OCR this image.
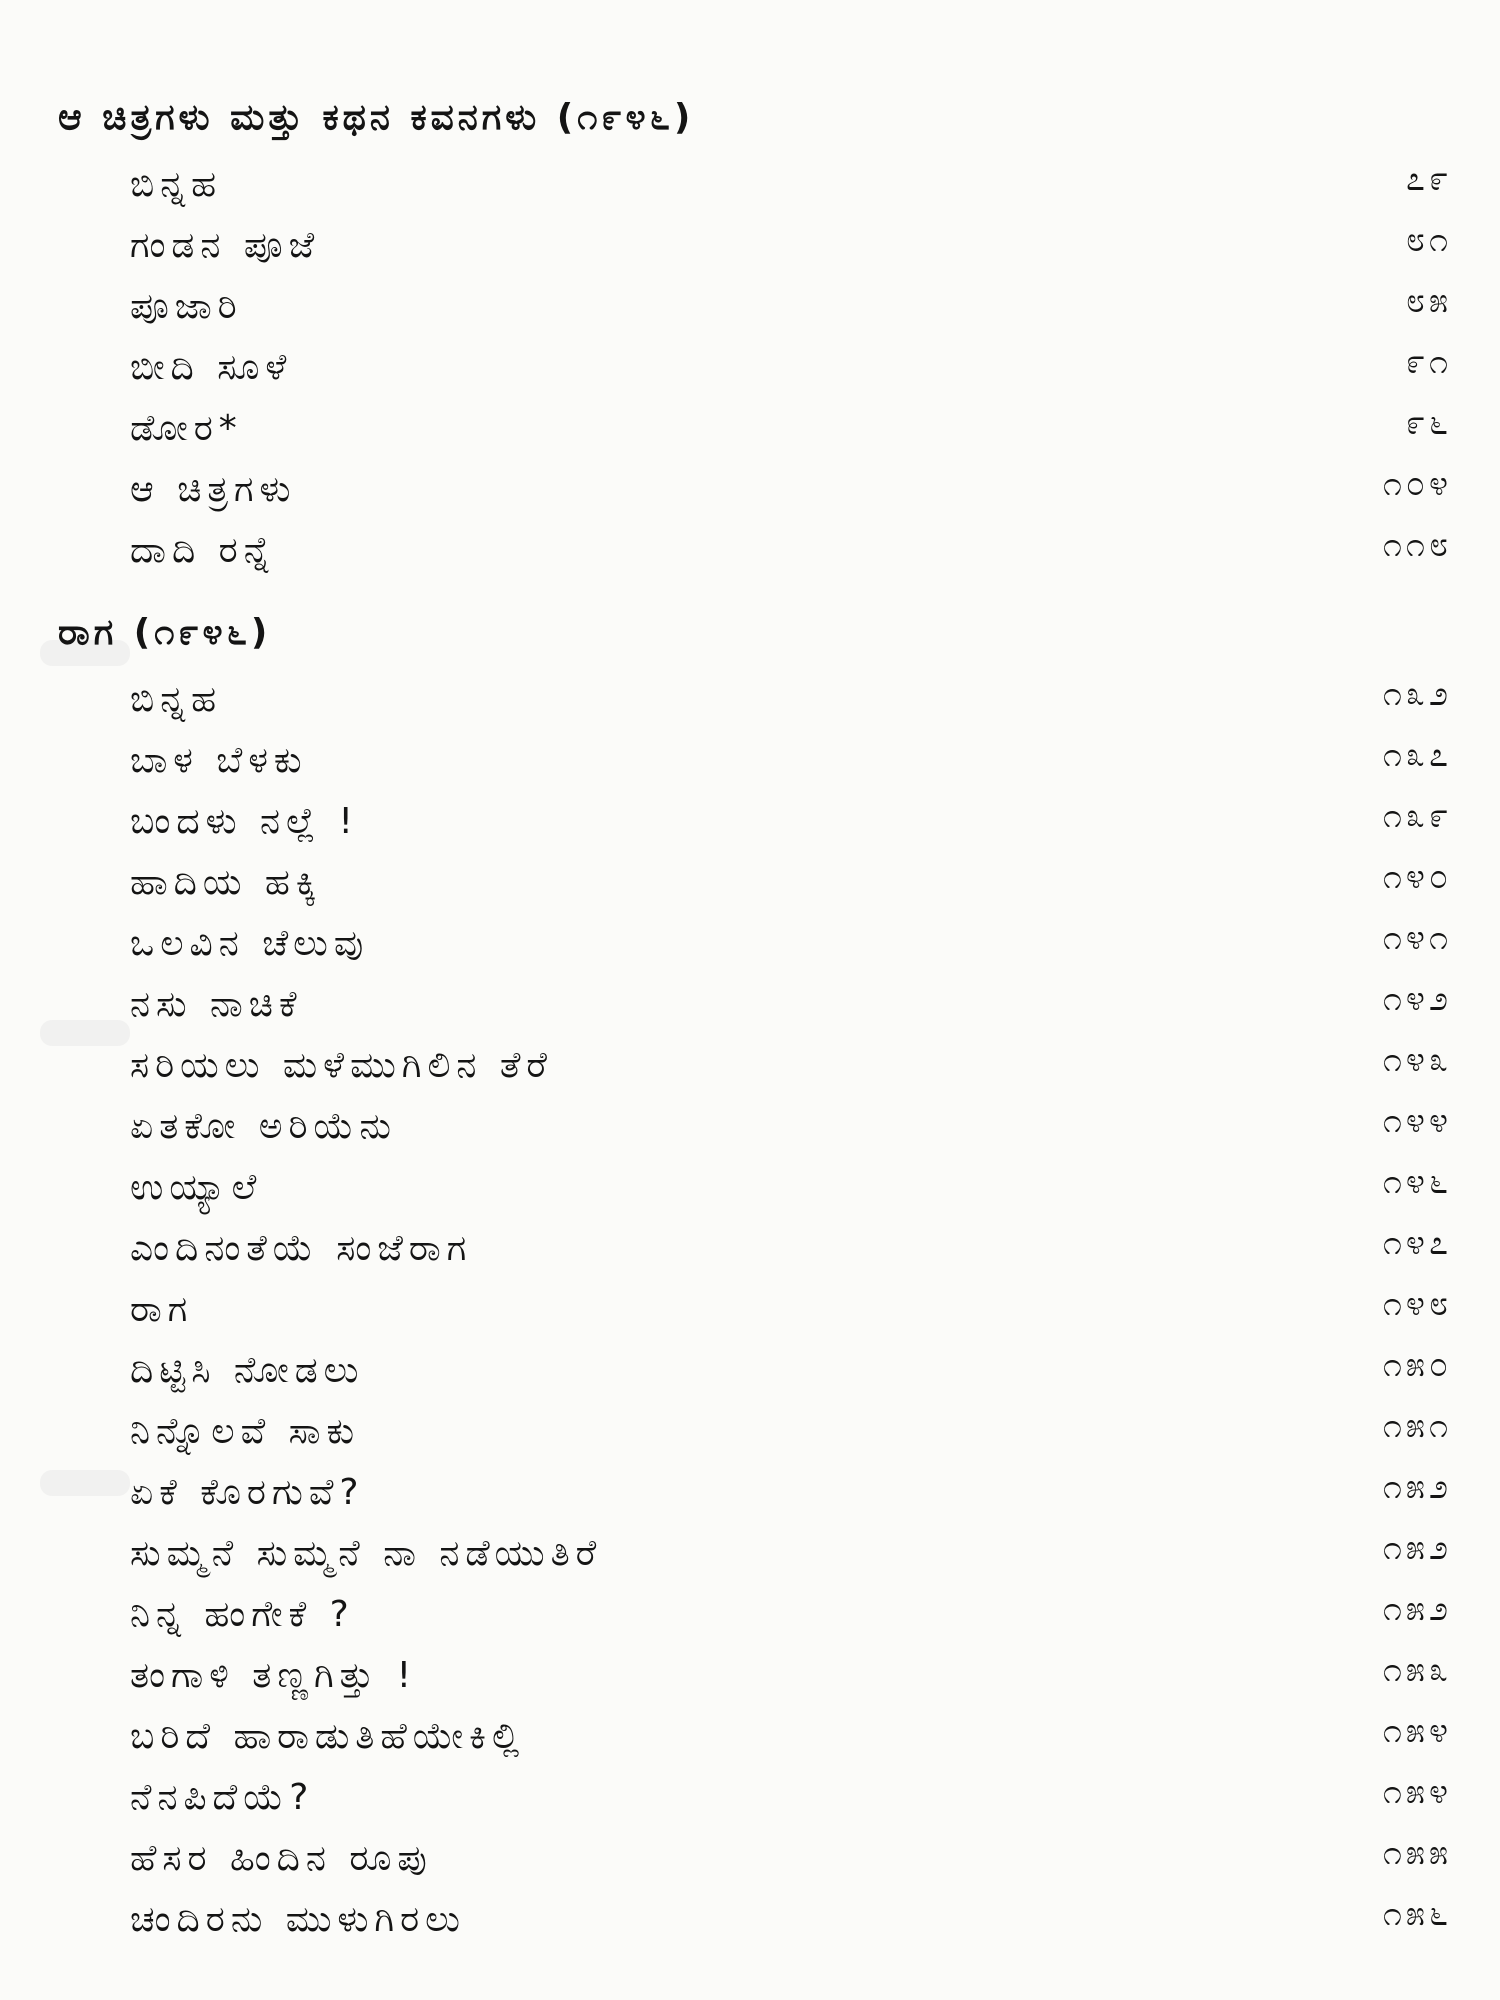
ಆ ಚಿತ್ರಗಳು ಮತ್ತು ಕಥನ ಕವನಗಳು (೧೯೪೬)
ಬಿನ್ನಹ	೭೯
ಗಂಡನ ಪೂಜೆ	೮೧
ಪೂಜಾರಿ	೮೫
ಬೀದಿ ಸೂಳೆ	೯೧
ಡೋರ*	೯೬
ಆ ಚಿತ್ರಗಳು	೧೦೪
ದಾದಿ ರನ್ನೆ	೧೧೮
ರಾಗ (೧೯೪೬)
ಬಿನ್ನಹ	೧೩೨
ಬಾಳ ಬೆಳಕು	೧೩೭
ಬಂದಳು ನಲ್ಲೆ !	೧೩೯
ಹಾದಿಯ ಹಕ್ಕಿ	೧೪೦
ಒಲವಿನ ಚೆಲುವು	೧೪೧
ನಸು ನಾಚಿಕೆ	೧೪೨
ಸರಿಯಲು ಮಳೆಮುಗಿಲಿನ ತೆರೆ	೧೪೩
ಏತಕೋ ಅರಿಯೆನು	೧೪೪
ಉಯ್ಯಾಲೆ	೧೪೬
ಎಂದಿನಂತೆಯೆ ಸಂಜೆರಾಗ	೧೪೭
ರಾಗ	೧೪೮
ದಿಟ್ಟಿಸಿ ನೋಡಲು	೧೫೦
ನಿನ್ನೊಲವೆ ಸಾಕು	೧೫೧
ಏಕೆ ಕೊರಗುವೆ?	೧೫೨
ಸುಮ್ಮನೆ ಸುಮ್ಮನೆ ನಾ ನಡೆಯುತಿರೆ	೧೫೨
ನಿನ್ನ ಹಂಗೇಕೆ ?	೧೫೨
ತಂಗಾಳಿ ತಣ್ಣಗಿತ್ತು !	೧೫೩
ಬರಿದೆ ಹಾರಾಡುತಿಹೆಯೇಕಿಲ್ಲಿ	೧೫೪
ನೆನಪಿದೆಯೆ?	೧೫೪
ಹೆಸರ ಹಿಂದಿನ ರೂಪು	೧೫೫
ಚಂದಿರನು ಮುಳುಗಿರಲು	೧೫೬
